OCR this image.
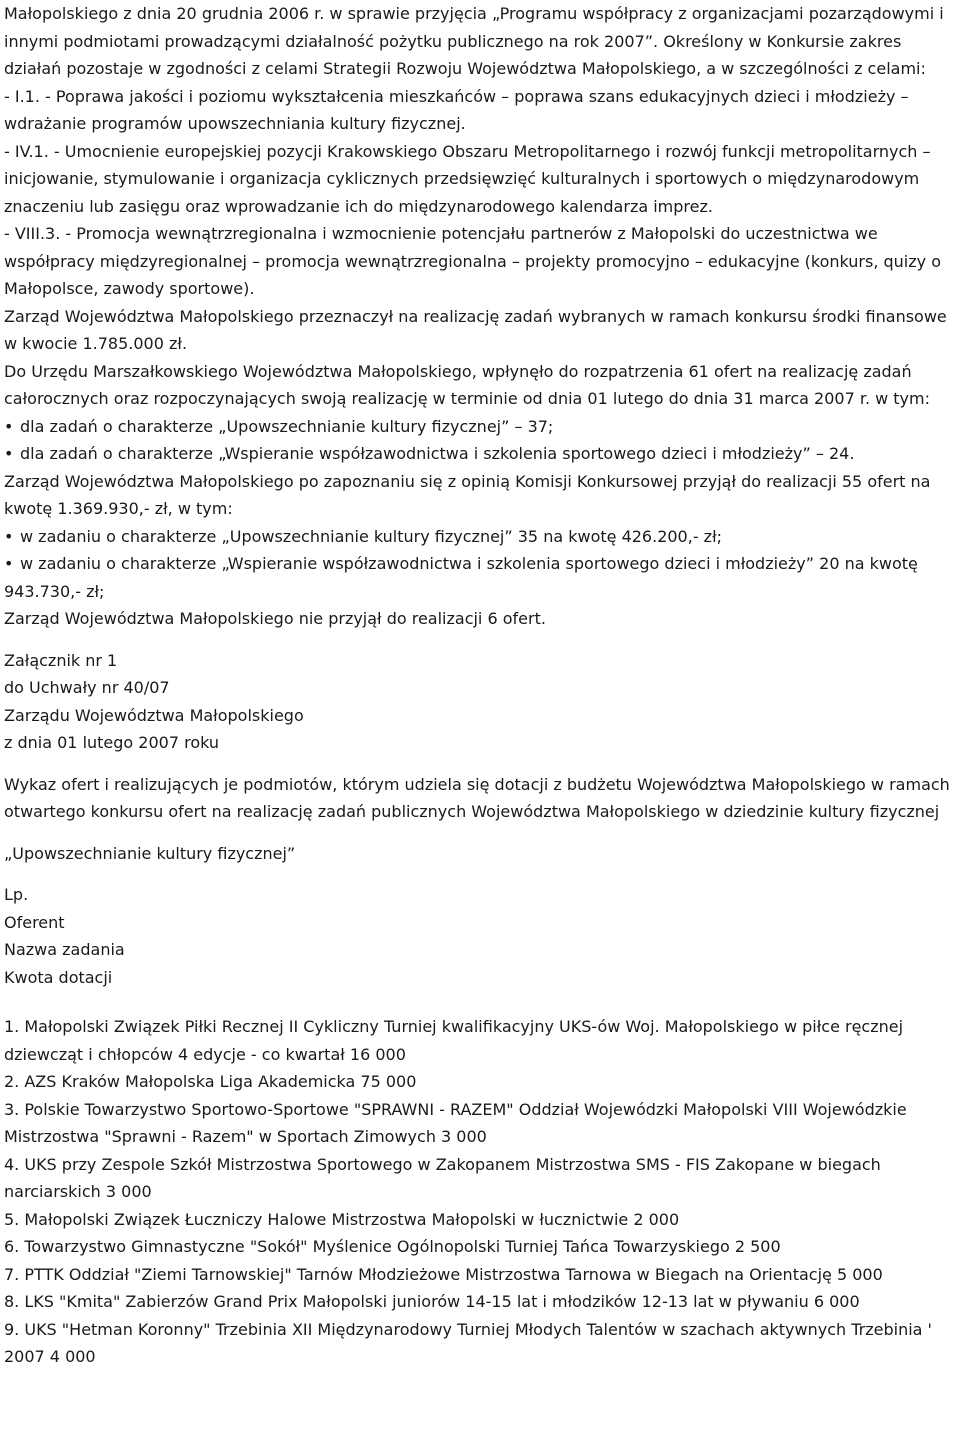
Małopolskiego z dnia 20 grudnia 2006 r. w sprawie przyjęcia „Programu współpracy z organizacjami pozarządowymi i innymi podmiotami prowadzącymi działalność pożytku publicznego na rok 2007”. Określony w Konkursie zakres działań pozostaje w zgodności z celami Strategii Rozwoju Województwa Małopolskiego, a w szczególności z celami:

- I.1. - Poprawa jakości i poziomu wykształcenia mieszkańców – poprawa szans edukacyjnych dzieci i młodzieży – wdrażanie programów upowszechniania kultury fizycznej.

- IV.1. - Umocnienie europejskiej pozycji Krakowskiego Obszaru Metropolitarnego i rozwój funkcji metropolitarnych – inicjowanie, stymulowanie i organizacja cyklicznych przedsięwzięć kulturalnych i sportowych o międzynarodowym znaczeniu lub zasięgu oraz wprowadzanie ich do międzynarodowego kalendarza imprez.

- VIII.3. - Promocja wewnątrzregionalna i wzmocnienie potencjału partnerów z Małopolski do uczestnictwa we współpracy międzyregionalnej – promocja wewnątrzregionalna – projekty promocyjno – edukacyjne (konkurs, quizy o Małopolsce, zawody sportowe).

Zarząd Województwa Małopolskiego przeznaczył na realizację zadań wybranych w ramach konkursu środki finansowe w kwocie 1.785.000 zł.

Do Urzędu Marszałkowskiego Województwa Małopolskiego, wpłynęło do rozpatrzenia 61 ofert na realizację zadań całorocznych oraz rozpoczynających swoją realizację w terminie od dnia 01 lutego do dnia 31 marca 2007 r. w tym:

• dla zadań o charakterze „Upowszechnianie kultury fizycznej” – 37;

• dla zadań o charakterze „Wspieranie współzawodnictwa i szkolenia sportowego dzieci i młodzieży” – 24.

Zarząd Województwa Małopolskiego po zapoznaniu się z opinią Komisji Konkursowej przyjął do realizacji 55 ofert na kwotę 1.369.930,- zł, w tym:

• w zadaniu o charakterze „Upowszechnianie kultury fizycznej” 35 na kwotę 426.200,- zł;

• w zadaniu o charakterze „Wspieranie współzawodnictwa i szkolenia sportowego dzieci i młodzieży” 20 na kwotę 943.730,- zł;

Zarząd Województwa Małopolskiego nie przyjął do realizacji 6 ofert.

Załącznik nr 1

do Uchwały nr 40/07

Zarządu Województwa Małopolskiego

z dnia 01 lutego 2007 roku

Wykaz ofert i realizujących je podmiotów, którym udziela się dotacji z budżetu Województwa Małopolskiego w ramach otwartego konkursu ofert na realizację zadań publicznych Województwa Małopolskiego w dziedzinie kultury fizycznej

„Upowszechnianie kultury fizycznej”

Lp.

Oferent

Nazwa zadania

Kwota dotacji

1. Małopolski Związek Piłki Recznej II Cykliczny Turniej kwalifikacyjny UKS-ów Woj. Małopolskiego w piłce ręcznej dziewcząt i chłopców 4 edycje - co kwartał 16 000

2. AZS Kraków Małopolska Liga Akademicka 75 000

3. Polskie Towarzystwo Sportowo-Sportowe "SPRAWNI - RAZEM" Oddział Wojewódzki Małopolski VIII Wojewódzkie Mistrzostwa "Sprawni - Razem" w Sportach Zimowych 3 000

4. UKS przy Zespole Szkół Mistrzostwa Sportowego w Zakopanem Mistrzostwa SMS - FIS Zakopane w biegach narciarskich 3 000

5. Małopolski Związek Łuczniczy Halowe Mistrzostwa Małopolski w łucznictwie 2 000

6. Towarzystwo Gimnastyczne "Sokół" Myślenice Ogólnopolski Turniej Tańca Towarzyskiego 2 500

7. PTTK Oddział "Ziemi Tarnowskiej" Tarnów Młodzieżowe Mistrzostwa Tarnowa w Biegach na Orientację 5 000

8. LKS "Kmita" Zabierzów Grand Prix Małopolski juniorów 14-15 lat i młodzików 12-13 lat w pływaniu 6 000

9. UKS "Hetman Koronny" Trzebinia XII Międzynarodowy Turniej Młodych Talentów w szachach aktywnych Trzebinia ' 2007 4 000
